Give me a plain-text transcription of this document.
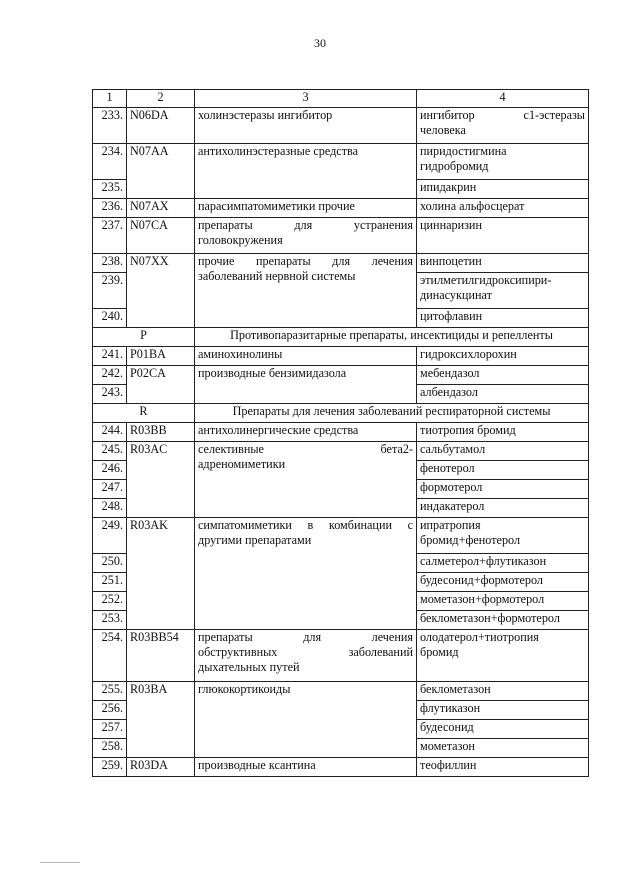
30
1	2	3	4
233.	N06DA	холинэстеразы ингибитор	ингибитор с1-эстеразы
человека

234.	N07AA	антихолинэстеразные средства	пиридостигмина
гидробромид

235.			ипидакрин
236.	N07AX	парасимпатомиметики прочие	холина альфосцерат
237.	N07CA	препараты для устранения
головокружения	циннаризин
238.	N07XX	прочие препараты для лечения
заболеваний нервной системы	винпоцетин
239.			этилметилгидроксипири-
динасукцинат

240.			цитофлавин
P		Противопаразитарные препараты, инсектициды и репелленты	
241.	P01BA	аминохинолины	гидроксихлорохин
242.	P02CA	производные бензимидазола	мебендазол
243.			албендазол
R		Препараты для лечения заболеваний респираторной системы	
244.	R03BB	антихолинергические средства	тиотропия бромид
245.	R03AC	селективные бета2-
адреномиметики	сальбутамол
246.			фенотерол
247.			формотерол
248.			индакатерол
249.	R03AK	симпатомиметики в комбинации с
другими препаратами	ипратропия
бромид+фенотерол

250.			салметерол+флутиказон
251.			будесонид+формотерол
252.			мометазон+формотерол
253.			беклометазон+формотерол
254.	R03BB54	препараты для лечения
обструктивных заболеваний
дыхательных путей	олодатерол+тиотропия
бромид

255.	R03BA	глюкокортикоиды	беклометазон
256.			флутиказон
257.			будесонид
258.			мометазон
259.	R03DA	производные ксантина	теофиллин
